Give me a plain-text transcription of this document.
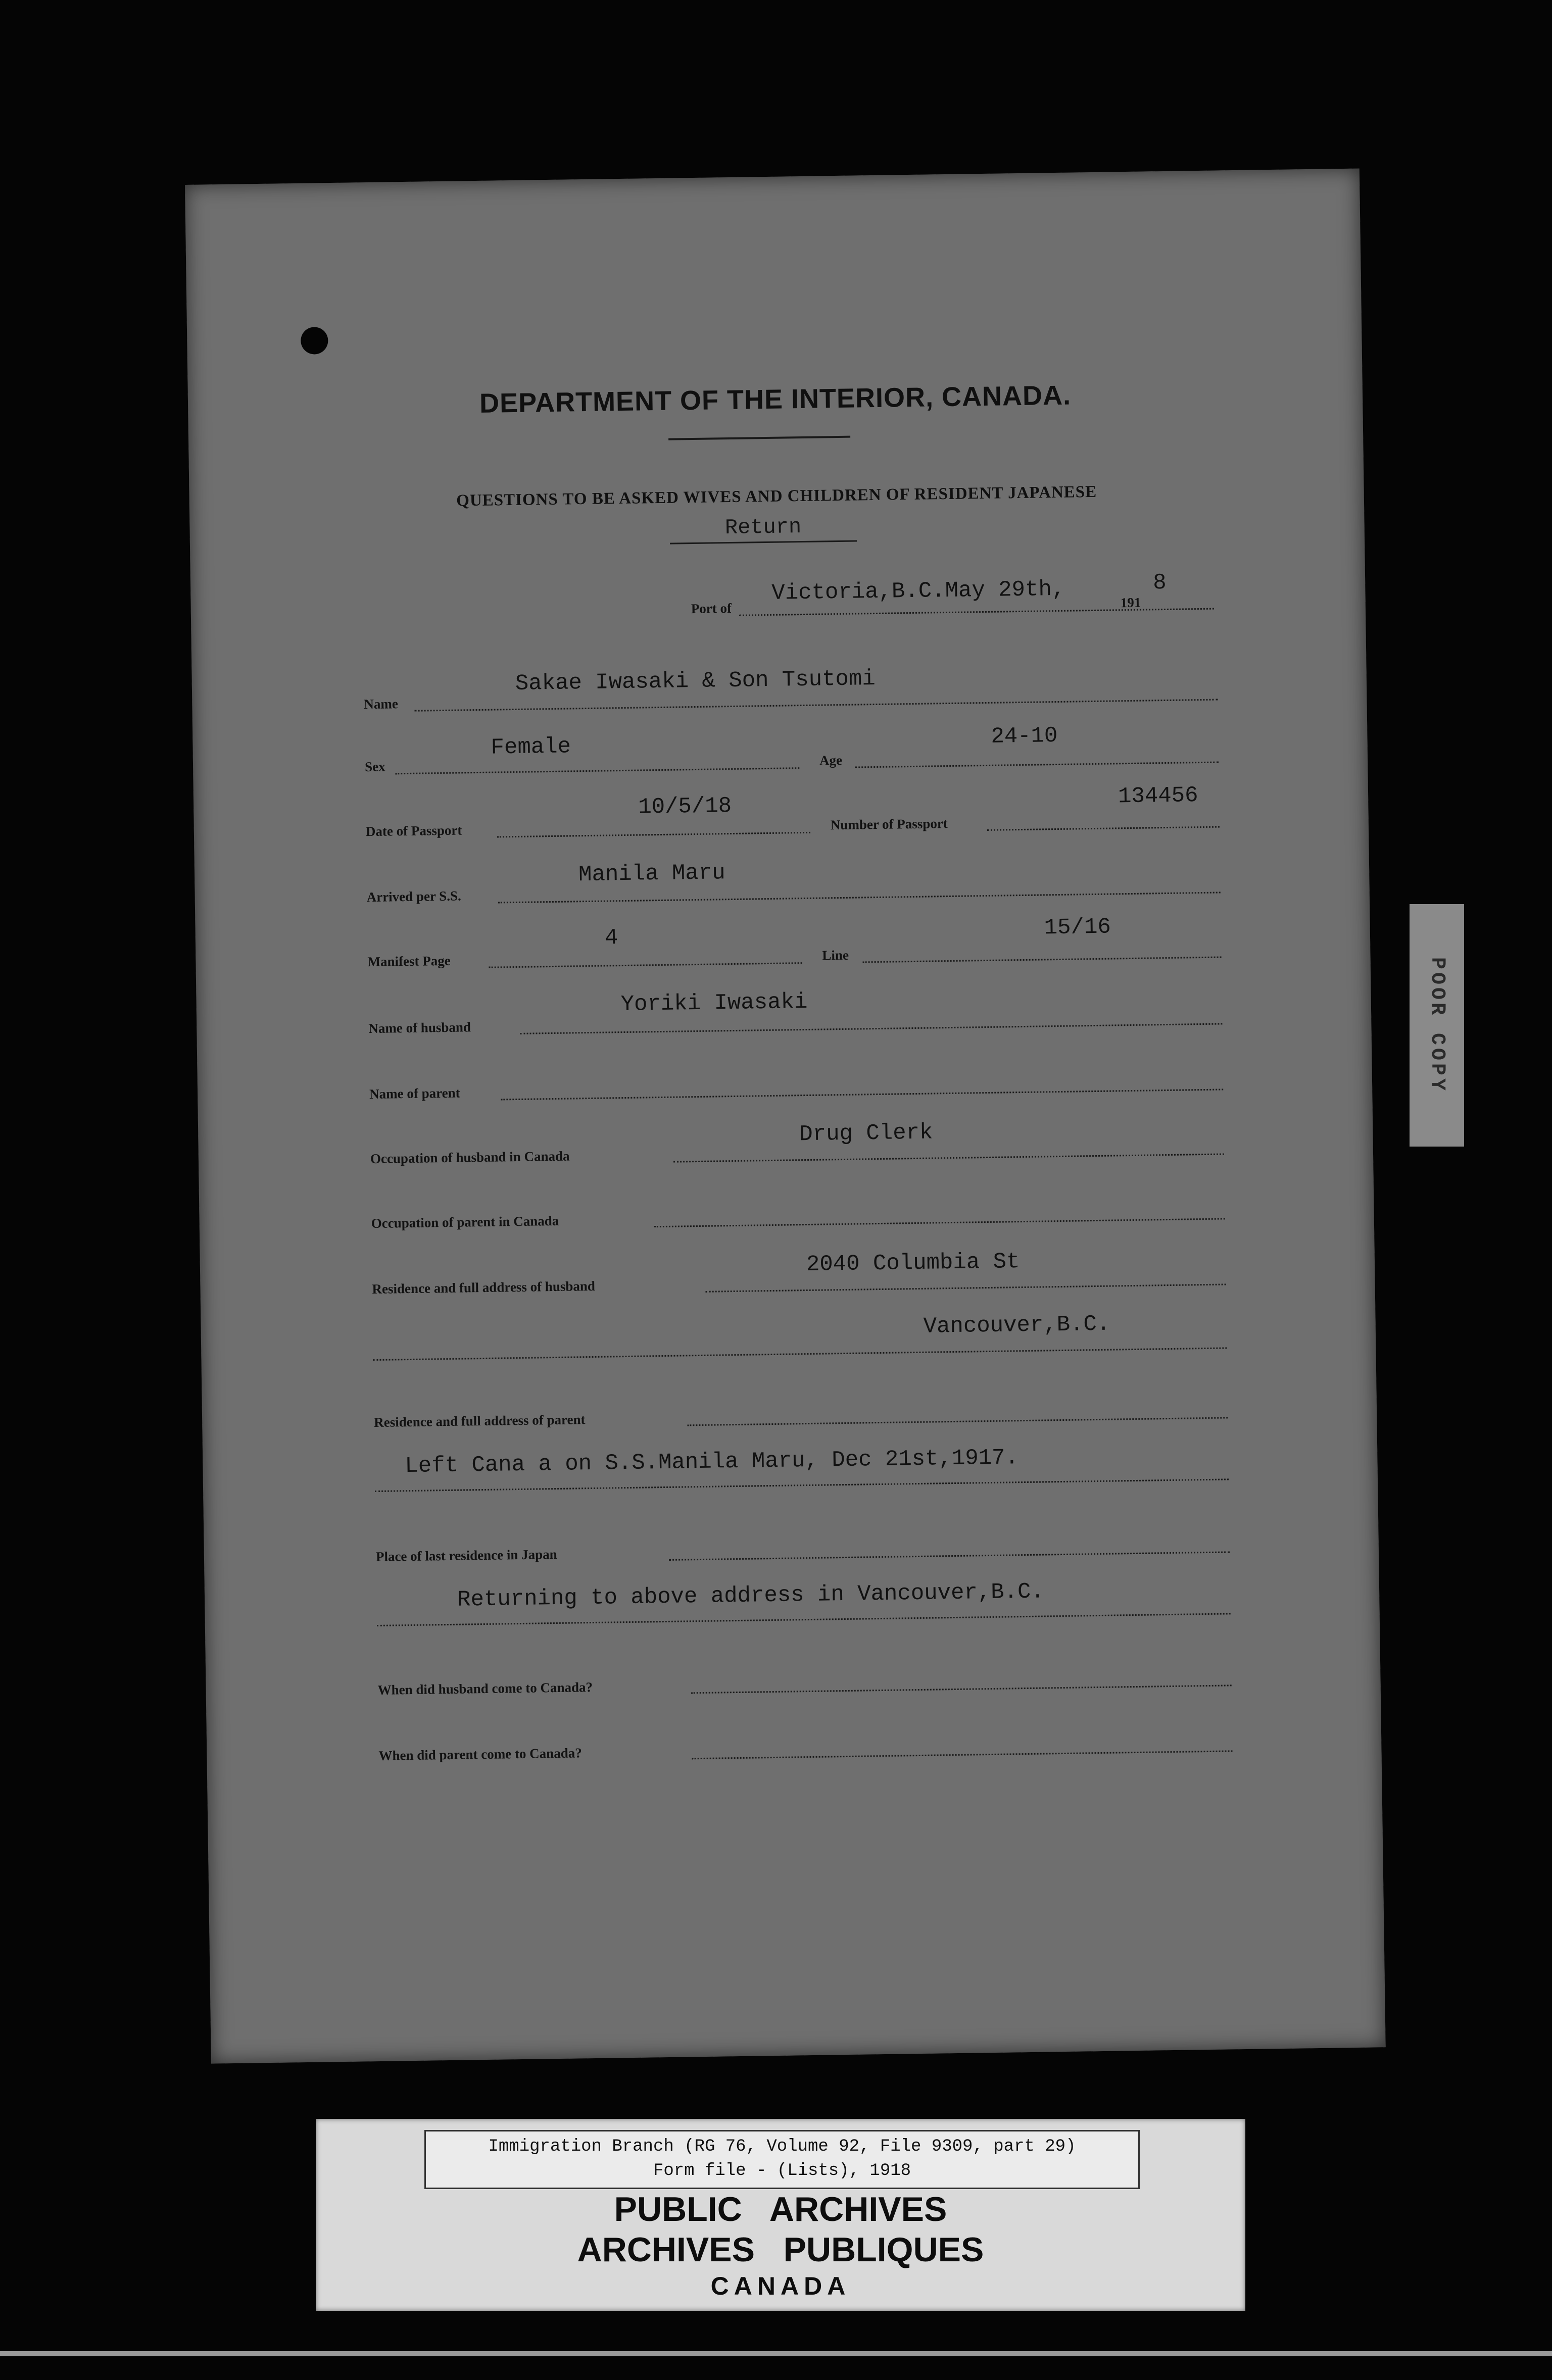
DEPARTMENT OF THE INTERIOR, CANADA.
QUESTIONS TO BE ASKED WIVES AND CHILDREN OF RESIDENT JAPANESE
Return
Port of
Victoria,B.C.May 29th,	191
8
Name
Sakae Iwasaki & Son Tsutomi
Sex
Female	Age
24-10
Date of Passport
10/5/18
Number of Passport
134456
Arrived per S.S.
Manila Maru
Manifest Page
4
Line
15/16
Name of husband
Yoriki Iwasaki
Name of parent
Occupation of husband in Canada
Drug Clerk
Occupation of parent in Canada
Residence and full address of husband
2040 Columbia St
Vancouver,B.C.
Residence and full address of parent
Left Cana a on S.S.Manila Maru, Dec 21st,1917.
Place of last residence in Japan
Returning to above address in Vancouver,B.C.
When did husband come to Canada?
When did parent come to Canada?
POOR COPY
Immigration Branch (RG 76, Volume 92, File 9309, part 29)
Form file - (Lists), 1918
PUBLIC   ARCHIVES
ARCHIVES   PUBLIQUES
CANADA
